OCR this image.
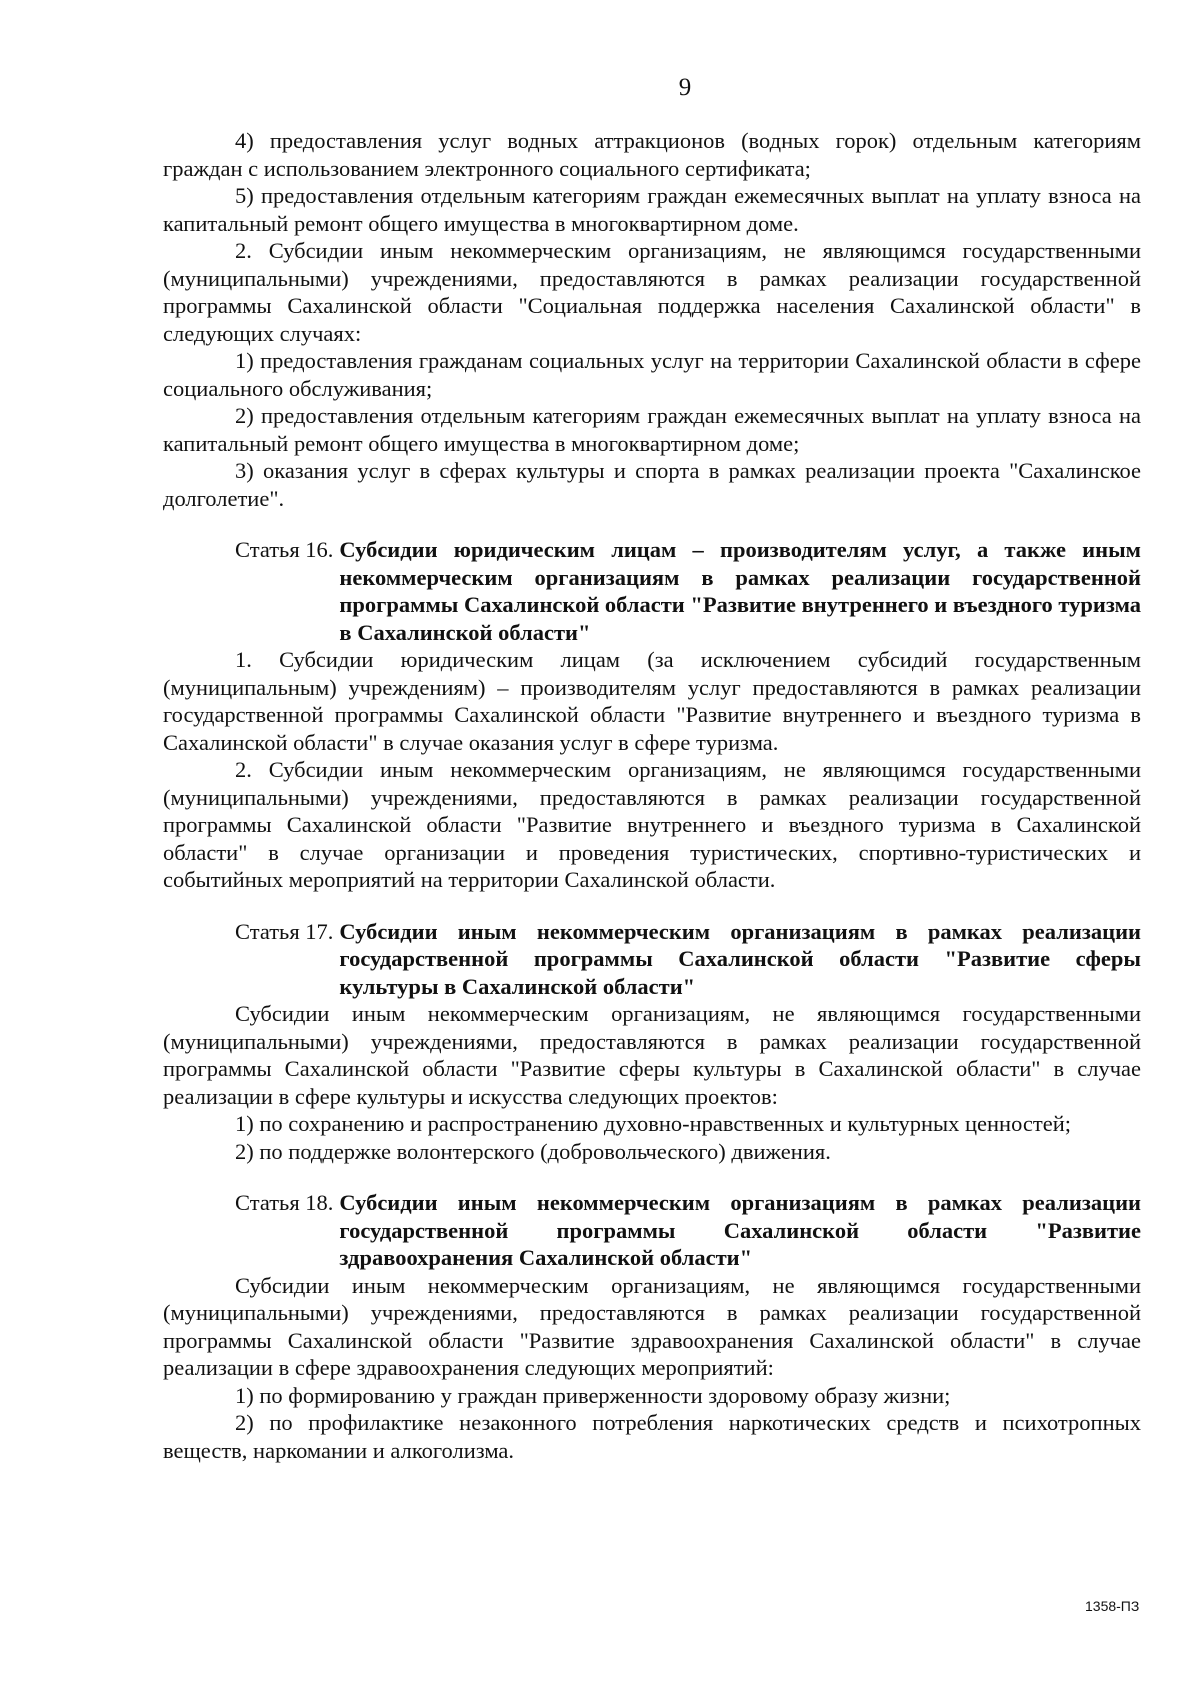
9

4) предоставления услуг водных аттракционов (водных горок) отдельным категориям граждан с использованием электронного социального сертификата;

5) предоставления отдельным категориям граждан ежемесячных выплат на уплату взноса на капитальный ремонт общего имущества в многоквартирном доме.

2. Субсидии иным некоммерческим организациям, не являющимся государственными (муниципальными) учреждениями, предоставляются в рамках реализации государственной программы Сахалинской области "Социальная поддержка населения Сахалинской области" в следующих случаях:

1) предоставления гражданам социальных услуг на территории Сахалинской области в сфере социального обслуживания;

2) предоставления отдельным категориям граждан ежемесячных выплат на уплату взноса на капитальный ремонт общего имущества в многоквартирном доме;

3) оказания услуг в сферах культуры и спорта в рамках реализации проекта "Сахалинское долголетие".

Статья 16. Субсидии юридическим лицам – производителям услуг, а также иным некоммерческим организациям в рамках реализации государственной программы Сахалинской области "Развитие внутреннего и въездного туризма в Сахалинской области"

1. Субсидии юридическим лицам (за исключением субсидий государственным (муниципальным) учреждениям) – производителям услуг предоставляются в рамках реализации государственной программы Сахалинской области "Развитие внутреннего и въездного туризма в Сахалинской области" в случае оказания услуг в сфере туризма.

2. Субсидии иным некоммерческим организациям, не являющимся государственными (муниципальными) учреждениями, предоставляются в рамках реализации государственной программы Сахалинской области "Развитие внутреннего и въездного туризма в Сахалинской области" в случае организации и проведения туристических, спортивно-туристических и событийных мероприятий на территории Сахалинской области.

Статья 17. Субсидии иным некоммерческим организациям в рамках реализации государственной программы Сахалинской области "Развитие сферы культуры в Сахалинской области"

Субсидии иным некоммерческим организациям, не являющимся государственными (муниципальными) учреждениями, предоставляются в рамках реализации государственной программы Сахалинской области "Развитие сферы культуры в Сахалинской области" в случае реализации в сфере культуры и искусства следующих проектов:

1) по сохранению и распространению духовно-нравственных и культурных ценностей;

2) по поддержке волонтерского (добровольческого) движения.

Статья 18. Субсидии иным некоммерческим организациям в рамках реализации государственной программы Сахалинской области "Развитие здравоохранения Сахалинской области"

Субсидии иным некоммерческим организациям, не являющимся государственными (муниципальными) учреждениями, предоставляются в рамках реализации государственной программы Сахалинской области "Развитие здравоохранения Сахалинской области" в случае реализации в сфере здравоохранения следующих мероприятий:

1) по формированию у граждан приверженности здоровому образу жизни;

2) по профилактике незаконного потребления наркотических средств и психотропных веществ, наркомании и алкоголизма.

1358-ПЗ
